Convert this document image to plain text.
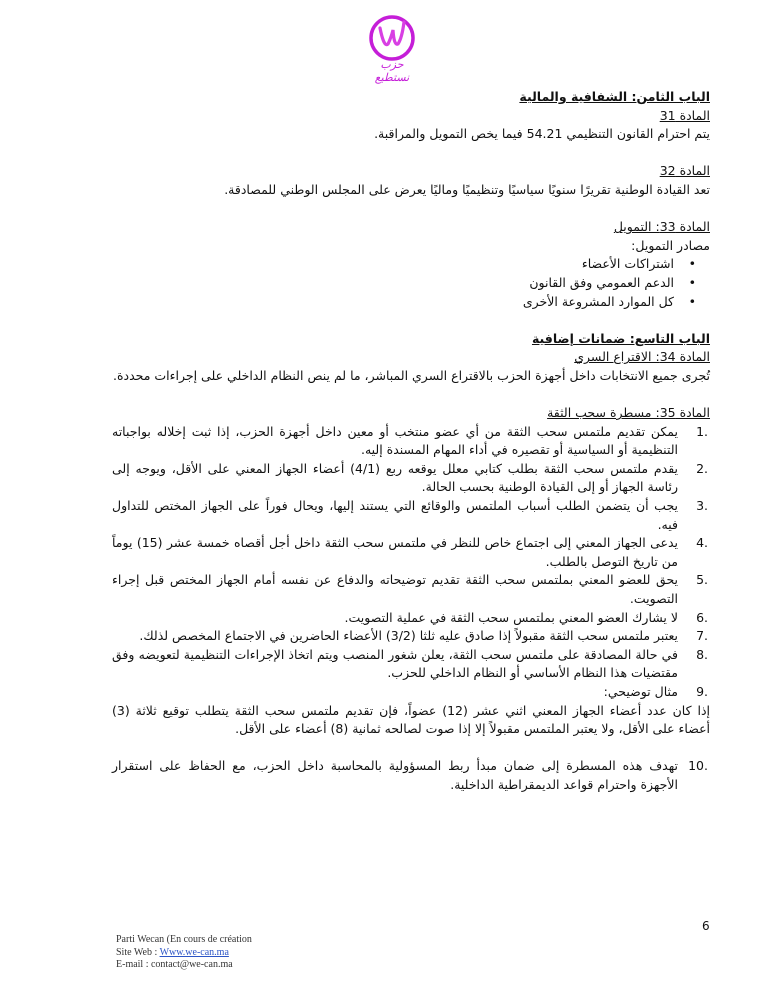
حزب نستطيع

الباب الثامن: الشفافية والمالية

المادة 31

يتم احترام القانون التنظيمي 54.21 فيما يخص التمويل والمراقبة.

المادة 32

تعد القيادة الوطنية تقريرًا سنويًا سياسيًا وتنظيميًا وماليًا يعرض على المجلس الوطني للمصادقة.

المادة 33: التمويل

مصادر التمويل:

• اشتراكات الأعضاء
• الدعم العمومي وفق القانون
• كل الموارد المشروعة الأخرى

الباب التاسع: ضمانات إضافية

المادة 34: الاقتراع السري

تُجرى جميع الانتخابات داخل أجهزة الحزب بالاقتراع السري المباشر، ما لم ينص النظام الداخلي على إجراءات محددة.

المادة 35: مسطرة سحب الثقة

1.
يمكن تقديم ملتمس سحب الثقة من أي عضو منتخب أو معين داخل أجهزة الحزب، إذا ثبت إخلاله بواجباته التنظيمية أو السياسية أو تقصيره في أداء المهام المسندة إليه.
2.
يقدم ملتمس سحب الثقة بطلب كتابي معلل يوقعه ربع (4/1) أعضاء الجهاز المعني على الأقل، ويوجه إلى رئاسة الجهاز أو إلى القيادة الوطنية بحسب الحالة.
3.
يجب أن يتضمن الطلب أسباب الملتمس والوقائع التي يستند إليها، ويحال فوراً على الجهاز المختص للتداول فيه.
4.
يدعى الجهاز المعني إلى اجتماع خاص للنظر في ملتمس سحب الثقة داخل أجل أقصاه خمسة عشر (15) يوماً من تاريخ التوصل بالطلب.
5.
يحق للعضو المعني بملتمس سحب الثقة تقديم توضيحاته والدفاع عن نفسه أمام الجهاز المختص قبل إجراء التصويت.
6.
لا يشارك العضو المعني بملتمس سحب الثقة في عملية التصويت.
7.
يعتبر ملتمس سحب الثقة مقبولاً إذا صادق عليه ثلثا (3/2) الأعضاء الحاضرين في الاجتماع المخصص لذلك.
8.
في حالة المصادقة على ملتمس سحب الثقة، يعلن شغور المنصب ويتم اتخاذ الإجراءات التنظيمية لتعويضه وفق مقتضيات هذا النظام الأساسي أو النظام الداخلي للحزب.
9.
مثال توضيحي:

إذا كان عدد أعضاء الجهاز المعني اثني عشر (12) عضواً، فإن تقديم ملتمس سحب الثقة يتطلب توقيع ثلاثة (3) أعضاء على الأقل، ولا يعتبر الملتمس مقبولاً إلا إذا صوت لصالحه ثمانية (8) أعضاء على الأقل.

10.
تهدف هذه المسطرة إلى ضمان مبدأ ربط المسؤولية بالمحاسبة داخل الحزب، مع الحفاظ على استقرار الأجهزة واحترام قواعد الديمقراطية الداخلية.
6
Parti Wecan (En cours de création
Site Web : Www.we-can.ma
E-mail : contact@we-can.ma
